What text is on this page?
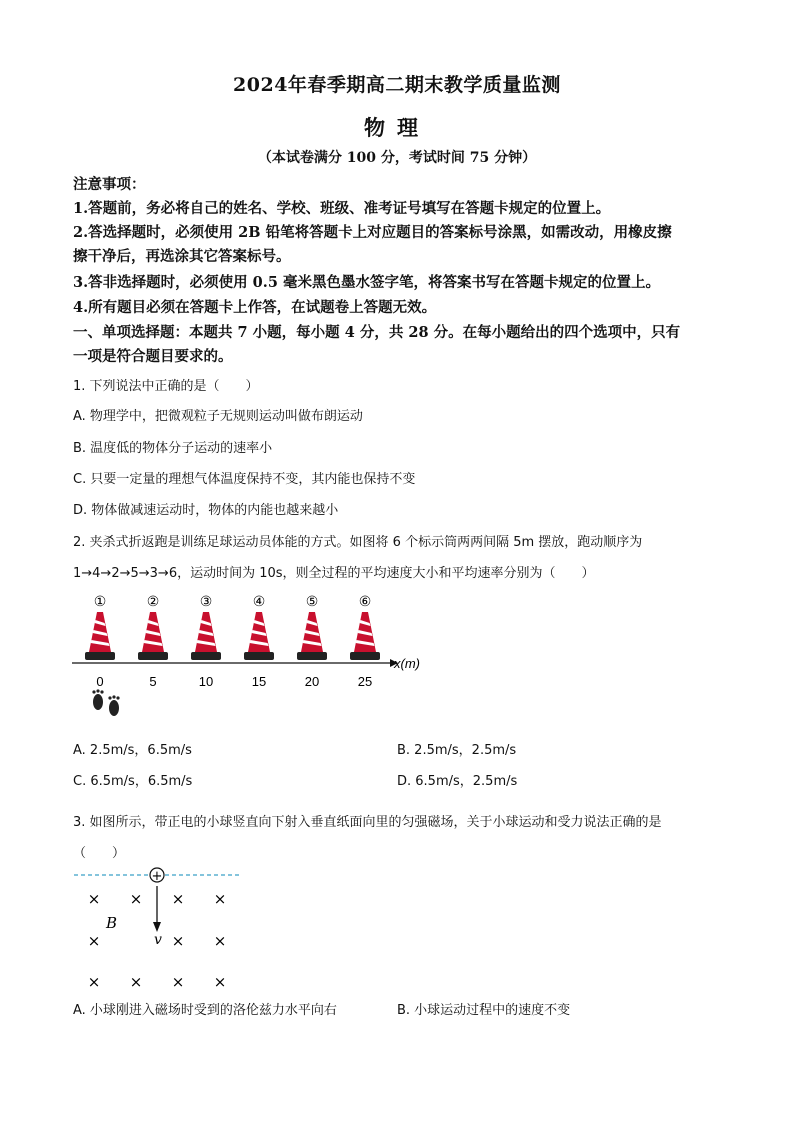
2024年春季期高二期末教学质量监测
物理
（本试卷满分 100 分，考试时间 75 分钟）
注意事项：
1.答题前，务必将自己的姓名、学校、班级、准考证号填写在答题卡规定的位置上。
2.答选择题时，必须使用 2B 铅笔将答题卡上对应题目的答案标号涂黑，如需改动，用橡皮擦
擦干净后，再选涂其它答案标号。
3.答非选择题时，必须使用 0.5 毫米黑色墨水签字笔，将答案书写在答题卡规定的位置上。
4.所有题目必须在答题卡上作答，在试题卷上答题无效。
一、单项选择题：本题共 7 小题，每小题 4 分，共 28 分。在每小题给出的四个选项中，只有
一项是符合题目要求的。
1. 下列说法中正确的是（　　）
A. 物理学中，把微观粒子无规则运动叫做布朗运动
B. 温度低的物体分子运动的速率小
C. 只要一定量的理想气体温度保持不变，其内能也保持不变
D. 物体做减速运动时，物体的内能也越来越小
2. 夹杀式折返跑是训练足球运动员体能的方式。如图将 6 个标示筒两两间隔 5m 摆放，跑动顺序为
1→4→2→5→3→6，运动时间为 10s，则全过程的平均速度大小和平均速率分别为（　　）
①	②	③	④	⑤	⑥
x(m)
0	5	10	15	20	25
A. 2.5m/s，6.5m/s	B. 2.5m/s，2.5m/s
C. 6.5m/s，6.5m/s	D. 6.5m/s，2.5m/s
3. 如图所示，带正电的小球竖直向下射入垂直纸面向里的匀强磁场，关于小球运动和受力说法正确的是
（　　）
+
v
B
× × × ×
×	× ×
× × × ×
A. 小球刚进入磁场时受到的洛伦兹力水平向右	B. 小球运动过程中的速度不变
